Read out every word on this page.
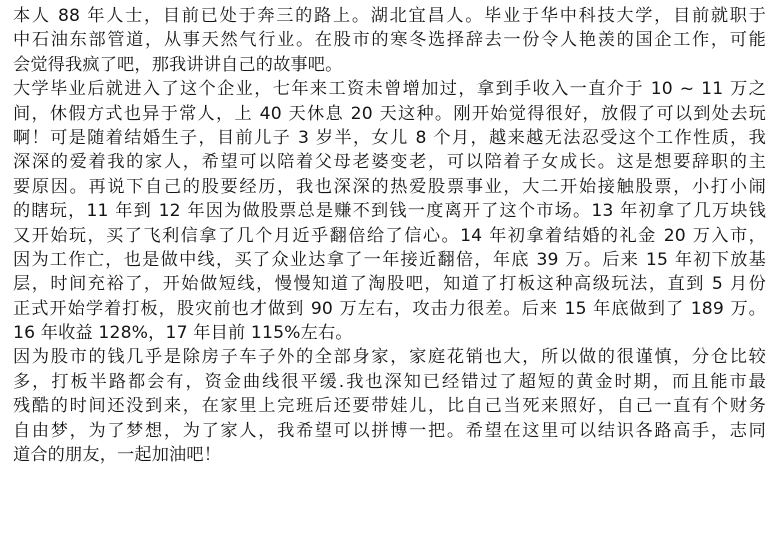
本人 88 年人士，目前已处于奔三的路上。湖北宜昌人。毕业于华中科技大学，目前就职于
中石油东部管道，从事天然气行业。在股市的寒冬选择辞去一份令人艳羡的国企工作，可能
会觉得我疯了吧，那我讲讲自己的故事吧。
大学毕业后就进入了这个企业，七年来工资未曾增加过，拿到手收入一直介于 10 ~ 11 万之
间，休假方式也异于常人，上 40 天休息 20 天这种。刚开始觉得很好，放假了可以到处去玩
啊！可是随着结婚生子，目前儿子 3 岁半，女儿 8 个月，越来越无法忍受这个工作性质，我
深深的爱着我的家人，希望可以陪着父母老婆变老，可以陪着子女成长。这是想要辞职的主
要原因。再说下自己的股要经历，我也深深的热爱股票事业，大二开始接触股票，小打小闹
的瞎玩，11 年到 12 年因为做股票总是赚不到钱一度离开了这个市场。13 年初拿了几万块钱
又开始玩，买了飞利信拿了几个月近乎翻倍给了信心。14 年初拿着结婚的礼金 20 万入市，
因为工作亡，也是做中线，买了众业达拿了一年接近翻倍，年底 39 万。后来 15 年初下放基
层，时间充裕了，开始做短线，慢慢知道了淘股吧，知道了打板这种高级玩法，直到 5 月份
正式开始学着打板，股灾前也才做到 90 万左右，攻击力很差。后来 15 年底做到了 189 万。
16 年收益 128%，17 年目前 115%左右。
因为股市的钱几乎是除房子车子外的全部身家，家庭花销也大，所以做的很谨慎，分仓比较
多，打板半路都会有，资金曲线很平缓.我也深知已经错过了超短的黄金时期，而且能市最
残酷的时间还没到来，在家里上完班后还要带娃儿，比自己当死来照好，自己一直有个财务
自由梦，为了梦想，为了家人，我希望可以拼博一把。希望在这里可以结识各路高手，志同
道合的朋友，一起加油吧！
